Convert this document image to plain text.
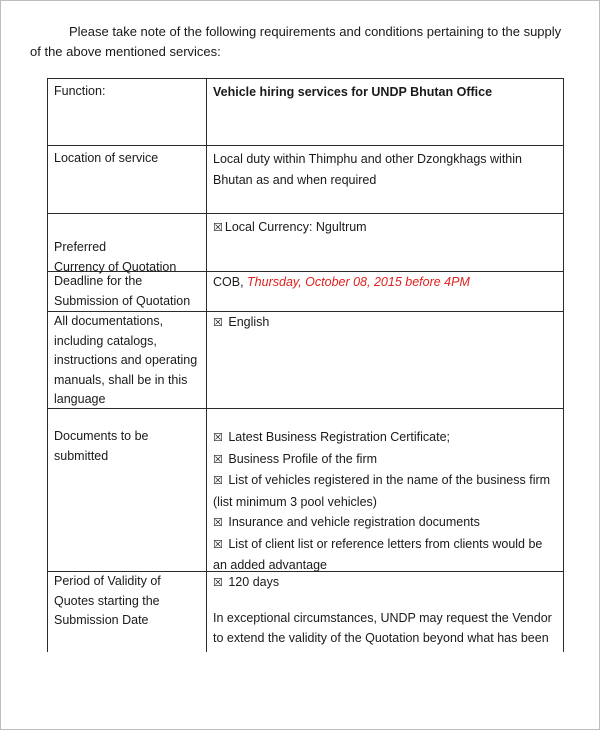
Please take note of the following requirements and conditions pertaining to the supply of the above mentioned services:

Function:	Vehicle hiring services for UNDP Bhutan Office
Location of service	Local duty within Thimphu and other Dzongkhags within Bhutan as and when required
Preferred
Currency of Quotation
☒ Local Currency: Ngultrum
Deadline for the
Submission of Quotation
COB, Thursday, October 08, 2015 before 4PM
All documentations,
including catalogs,
instructions and operating
manuals, shall be in this
language
☒ English
Documents to be
submitted
☒ Latest Business Registration Certificate;
☒ Business Profile of the firm
☒ List of vehicles registered in the name of the business firm
(list minimum 3 pool vehicles)
☒ Insurance and vehicle registration documents
☒ List of client list or reference letters from clients would be
an added advantage
Period of Validity of
Quotes starting the
Submission Date
☒ 120 days
In exceptional circumstances, UNDP may request the Vendor
to extend the validity of the Quotation beyond what has been
